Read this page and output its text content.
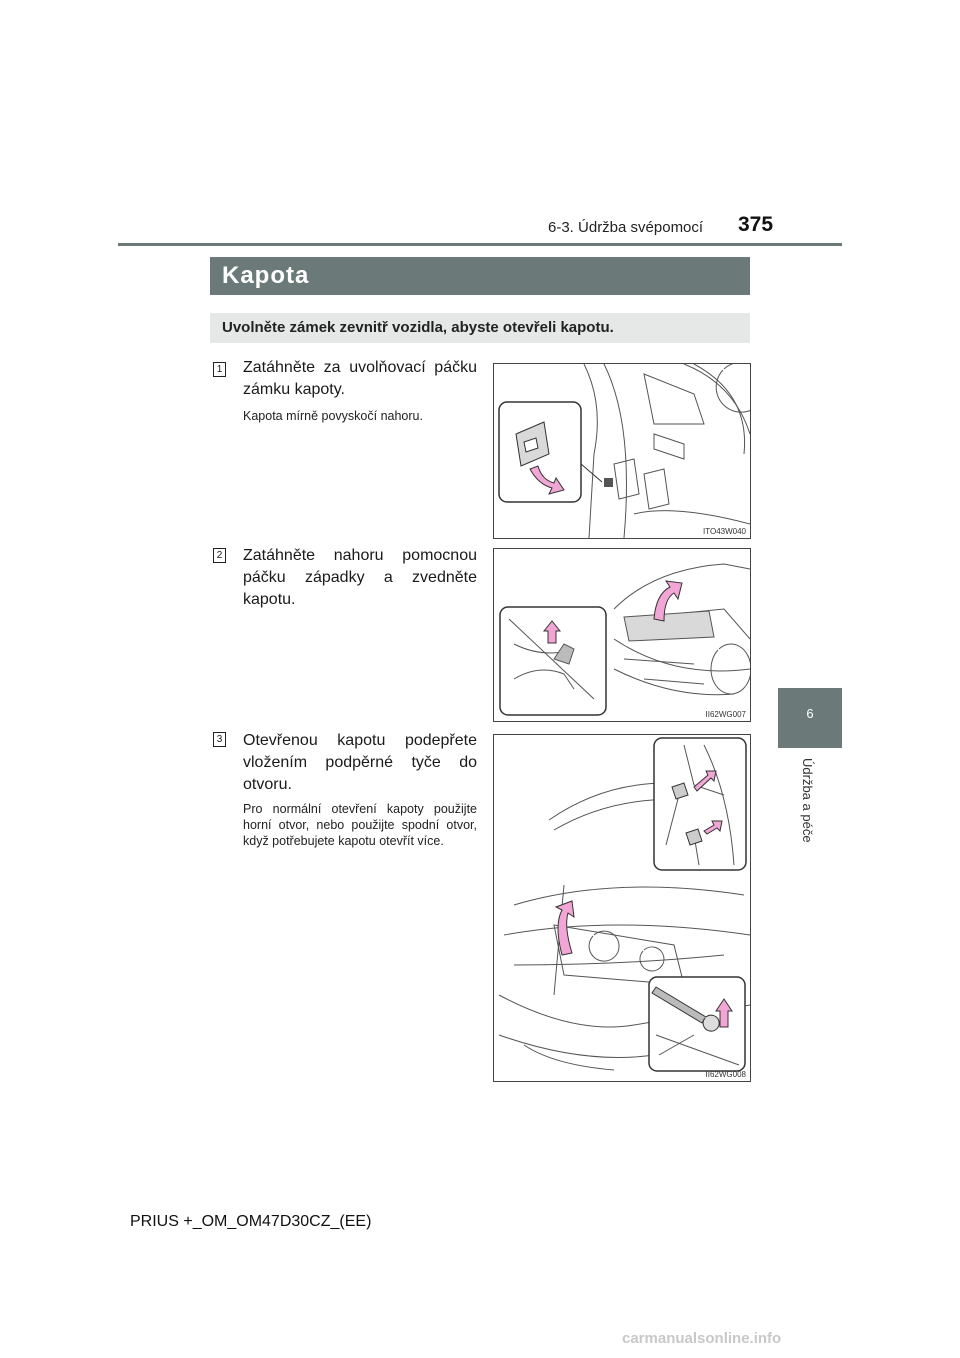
6-3. Údržba svépomocí 375
6
Údržba a péče
Kapota
Uvolněte zámek zevnitř vozidla, abyste otevřeli kapotu.
1 Zatáhněte za uvolňovací páčku zámku kapoty.
Kapota mírně povyskočí nahoru.
ITO43W040
2 Zatáhněte nahoru pomocnou páčku západky a zvedněte kapotu.
II62WG007
3 Otevřenou kapotu podepřete vložením podpěrné tyče do otvoru.
Pro normální otevření kapoty použijte horní otvor, nebo použijte spodní otvor, když potřebujete kapotu otevřít více.
II62WG008
PRIUS +_OM_OM47D30CZ_(EE)
carmanualsonline.info
